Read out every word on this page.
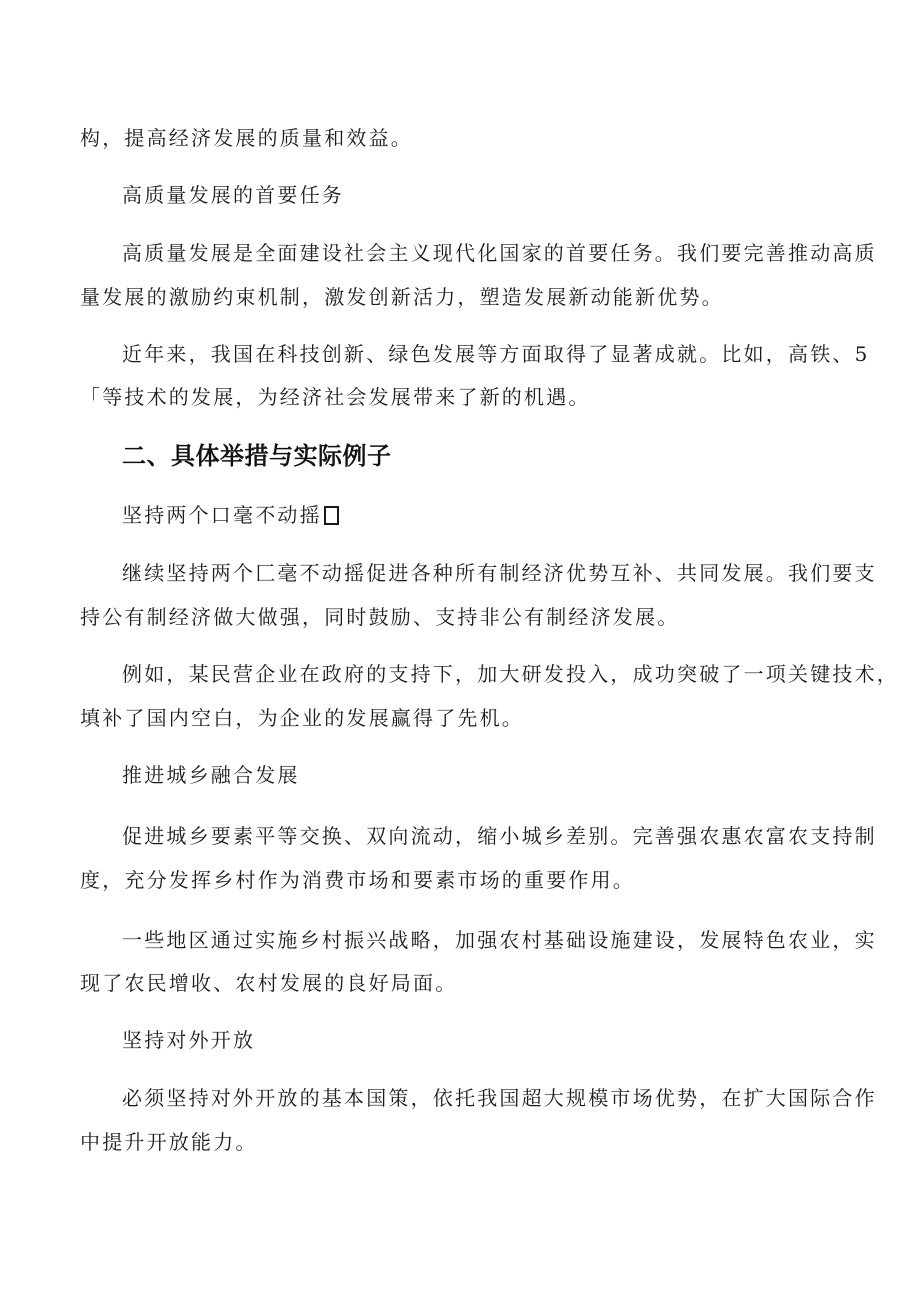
构，提高经济发展的质量和效益。
高质量发展的首要任务
高质量发展是全面建设社会主义现代化国家的首要任务。我们要完善推动高质
量发展的激励约束机制，激发创新活力，塑造发展新动能新优势。
近年来，我国在科技创新、绿色发展等方面取得了显著成就。比如，高铁、5
「等技术的发展，为经济社会发展带来了新的机遇。
二、具体举措与实际例子
坚持两个口毫不动摇
继续坚持两个匚毫不动摇促进各种所有制经济优势互补、共同发展。我们要支
持公有制经济做大做强，同时鼓励、支持非公有制经济发展。
例如，某民营企业在政府的支持下，加大研发投入，成功突破了一项关键技术，
填补了国内空白，为企业的发展赢得了先机。
推进城乡融合发展
促进城乡要素平等交换、双向流动，缩小城乡差别。完善强农惠农富农支持制
度，充分发挥乡村作为消费市场和要素市场的重要作用。
一些地区通过实施乡村振兴战略，加强农村基础设施建设，发展特色农业，实
现了农民增收、农村发展的良好局面。
坚持对外开放
必须坚持对外开放的基本国策，依托我国超大规模市场优势，在扩大国际合作
中提升开放能力。
